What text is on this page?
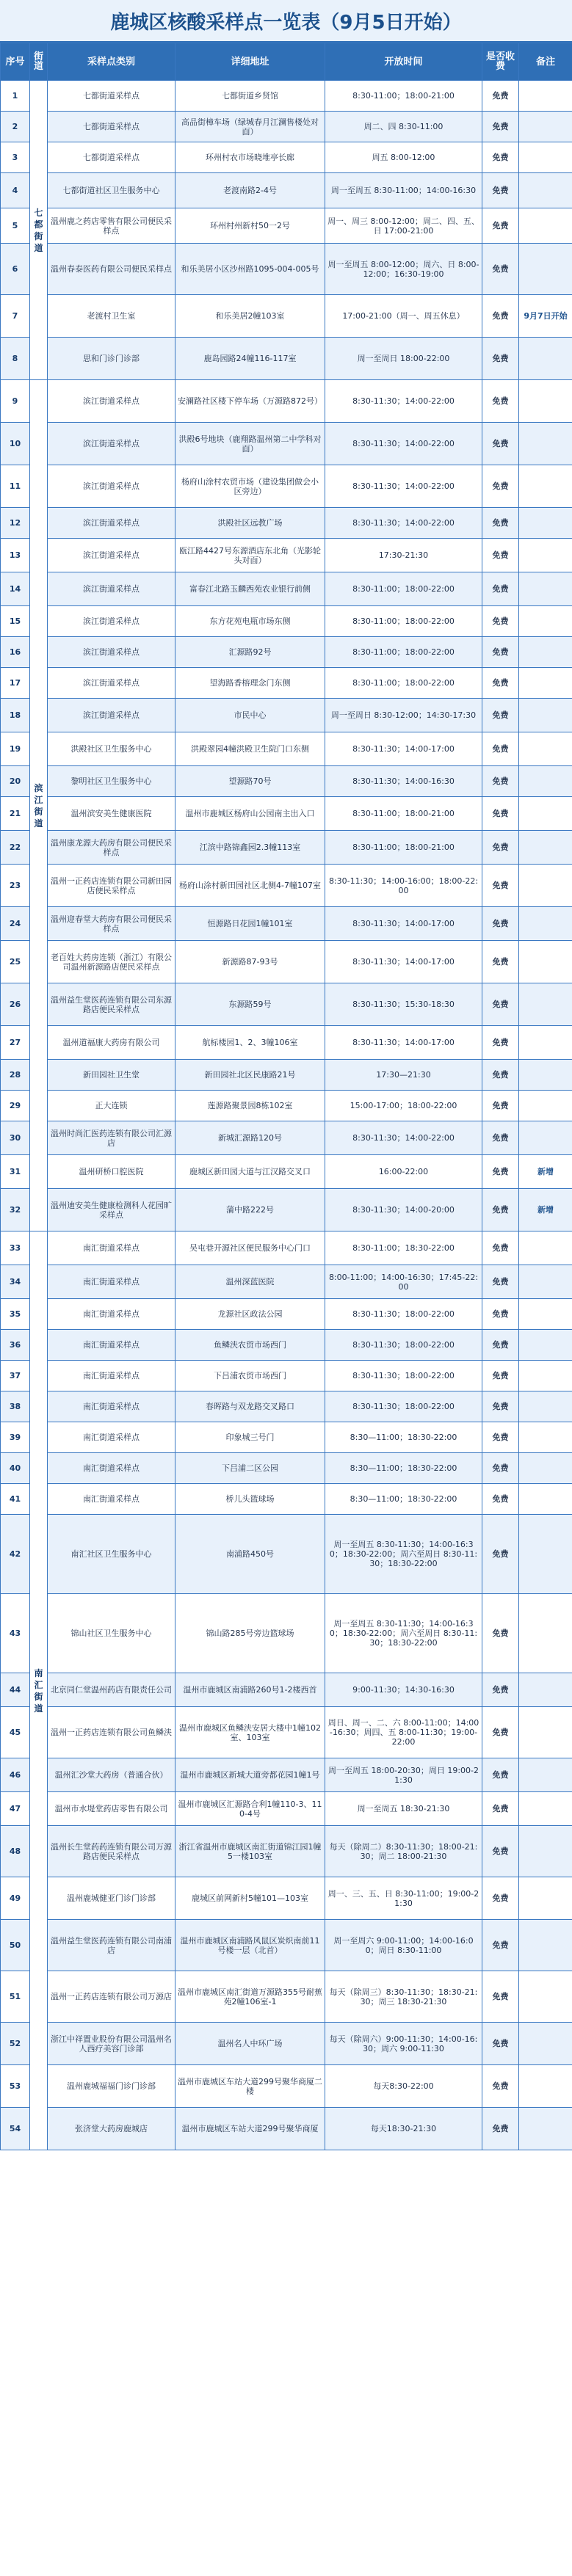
鹿城区核酸采样点一览表（9月5日开始）
序号	街道	采样点类别	详细地址	开放时间	是否收费	备注
1	七都街道	七都街道采样点	七都街道乡贤馆	8:30-11:00；18:00-21:00	免费	
2		七都街道采样点	高品街樟车场（绿城春月江澜售楼处对面）	周二、四 8:30-11:00	免费	
3		七都街道采样点	环州村农市场晓堆亭长廊	周五 8:00-12:00	免费	
4		七都街道社区卫生服务中心	老渡南路2-4号	周一至周五 8:30-11:00；14:00-16:30	免费	
5		温州鹿之药店零售有限公司便民采样点	环州村州新村50一2号	周一、周三 8:00-12:00；周二、四、五、日 17:00-21:00	免费	
6		温州春泰医药有限公司便民采样点	和乐美居小区沙州路1095-004-005号	周一至周五 8:00-12:00；周六、日 8:00-12:00；16:30-19:00	免费	
7		老渡村卫生室	和乐美居2幢103室	17:00-21:00（周一、周五休息）	免费	9月7日开始
8		思和门诊门诊部	鹿岛园路24幢116-117室	周一至周日 18:00-22:00	免费	
9	滨江街道	滨江街道采样点	安澜路社区楼下停车场（万源路872号）	8:30-11:30；14:00-22:00	免费	
10		滨江街道采样点	洪殿6号地块（鹿翔路温州第二中学科对面）	8:30-11:30；14:00-22:00	免费	
11		滨江街道采样点	杨府山涂村农贸市场（建设集团做会小区旁边）	8:30-11:30；14:00-22:00	免费	
12		滨江街道采样点	洪殿社区远教广场	8:30-11:30；14:00-22:00	免费	
13		滨江街道采样点	瓯江路4427号东源酒店东北角（光影轮头对面）	17:30-21:30	免费	
14		滨江街道采样点	富春江北路玉麟西苑农业银行前侧	8:30-11:00；18:00-22:00	免费	
15		滨江街道采样点	东方花苑电瓶市场东侧	8:30-11:00；18:00-22:00	免费	
16		滨江街道采样点	汇源路92号	8:30-11:00；18:00-22:00	免费	
17		滨江街道采样点	望海路香榕理念门东侧	8:30-11:00；18:00-22:00	免费	
18		滨江街道采样点	市民中心	周一至周日 8:30-12:00；14:30-17:30	免费	
19		洪殿社区卫生服务中心	洪殿翠园4幢洪殿卫生院门口东侧	8:30-11:30；14:00-17:00	免费	
20		黎明社区卫生服务中心	望源路70号	8:30-11:30；14:00-16:30	免费	
21		温州滨安美生健康医院	温州市鹿城区杨府山公园南主出入口	8:30-11:00；18:00-21:00	免费	
22		温州康龙源大药房有限公司便民采样点	江滨中路锦鑫园2.3幢113室	8:30-11:00；18:00-21:00	免费	
23		温州一正药店连锁有限公司新田园店便民采样点	杨府山涂村新田园社区北侧4-7幢107室	8:30-11:30；14:00-16:00；18:00-22:00	免费	
24		温州迎春堂大药房有限公司便民采样点	恒源路日花园1幢101室	8:30-11:30；14:00-17:00	免费	
25		老百姓大药房连锁（浙江）有限公司温州新源路店便民采样点	新源路87-93号	8:30-11:30；14:00-17:00	免费	
26		温州益生堂医药连锁有限公司东源路店便民采样点	东源路59号	8:30-11:30；15:30-18:30	免费	
27		温州道福康大药房有限公司	航标楼园1、2、3幢106室	8:30-11:30；14:00-17:00	免费	
28		新田园社卫生堂	新田园社北区民康路21号	17:30—21:30	免费	
29		正大连锁	莲源路聚景园8栋102室	15:00-17:00；18:00-22:00	免费	
30		温州时尚汇医药连锁有限公司汇源店	新城汇源路120号	8:30-11:30；14:00-22:00	免费	
31		温州研桥口腔医院	鹿城区新田园大道与江汉路交叉口	16:00-22:00	免费	新增
32		温州迪安美生健康检测科人花园旷采样点	蒲中路222号	8:30-11:30；14:00-20:00	免费	新增
33	南汇街道	南汇街道采样点	吴屯巷开源社区便民服务中心门口	8:30-11:00；18:30-22:00	免费	
34		南汇街道采样点	温州深蓝医院	8:00-11:00；14:00-16:30；17:45-22:00	免费	
35		南汇街道采样点	龙源社区政法公园	8:30-11:30；18:00-22:00	免费	
36		南汇街道采样点	鱼鳞浃农贸市场西门	8:30-11:30；18:00-22:00	免费	
37		南汇街道采样点	下吕浦农贸市场西门	8:30-11:30；18:00-22:00	免费	
38		南汇街道采样点	春晖路与双龙路交叉路口	8:30-11:30；18:00-22:00	免费	
39		南汇街道采样点	印象城三号门	8:30—11:00；18:30-22:00	免费	
40		南汇街道采样点	下吕浦二区公园	8:30—11:00；18:30-22:00	免费	
41		南汇街道采样点	桥儿头篮球场	8:30—11:00；18:30-22:00	免费	
42		南汇社区卫生服务中心	南浦路450号	周一至周五 8:30-11:30；14:00-16:30；18:30-22:00；周六至周日 8:30-11:30；18:30-22:00	免费	
43		锦山社区卫生服务中心	锦山路285号旁边篮球场	周一至周五 8:30-11:30；14:00-16:30；18:30-22:00；周六至周日 8:30-11:30；18:30-22:00	免费	
44		北京同仁堂温州药店有限责任公司	温州市鹿城区南浦路260号1-2楼西首	9:00-11:30；14:30-16:30	免费	
45		温州一正药店连锁有限公司鱼鳞浃	温州市鹿城区鱼鳞浃安居大楼中1幢102室、103室	周日、周一、二、六 8:00-11:00；14:00-16:30；周四、五 8:00-11:30；19:00-22:00	免费	
46		温州汇沙堂大药房（普通合伙）	温州市鹿城区新城大道旁都花园1幢1号	周一至周五 18:00-20:30；周日 19:00-21:30	免费	
47		温州市水堤堂药店零售有限公司	温州市鹿城区汇源路合利1幢110-3、110-4号	周一至周五 18:30-21:30	免费	
48		温州长生堂药药连锁有限公司万源路店便民采样点	浙江省温州市鹿城区南汇街道锦江园1幢5一楼103室	每天（除周二）8:30-11:30；18:00-21:30；周二 18:00-21:30	免费	
49		温州鹿城健亚门诊门诊部	鹿城区前网新村5幢101—103室	周一、三、五、日 8:30-11:00；19:00-21:30	免费	
50		温州益生堂医药连锁有限公司南浦店	温州市鹿城区南浦路风鼠区炭炽南前11号楼一层（北首）	周一至周六 9:00-11:00；14:00-16:00；周日 8:30-11:00	免费	
51		温州一正药店连锁有限公司万源店	温州市鹿城区南汇街道万源路355号耐蕉苑2幢106室-1	每天（除周三）8:30-11:30；18:30-21:30；周三 18:30-21:30	免费	
52		浙江中祥置业股份有限公司温州名人西疗美容门诊部	温州名人中环广场	每天（除周六）9:00-11:30；14:00-16:30；周六 9:00-11:30	免费	
53		温州鹿城福福门诊门诊部	温州市鹿城区车站大道299号聚华商厦二楼	每天8:30-22:00	免费	
54		张济堂大药房鹿城店	温州市鹿城区车站大道299号聚华商厦	每天18:30-21:30	免费	
